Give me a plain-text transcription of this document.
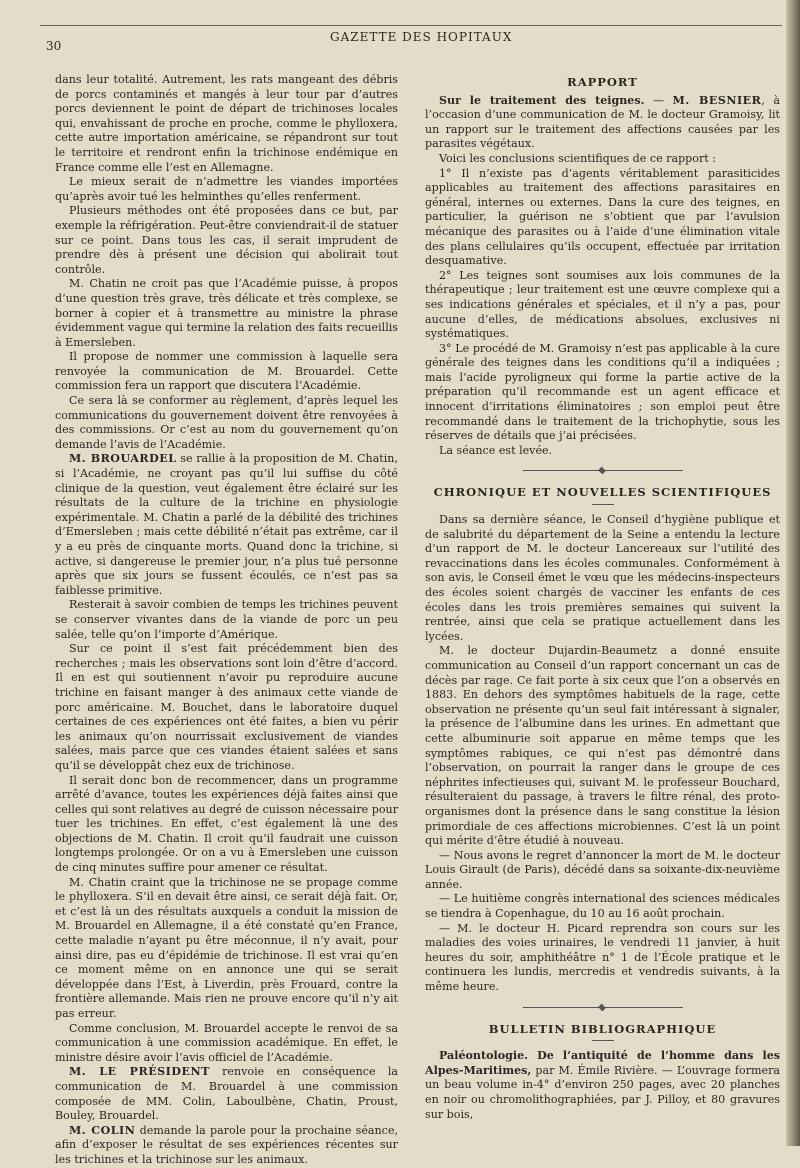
30
GAZETTE DES HOPITAUX

dans leur totalité. Autrement, les rats mangeant des débris de porcs contaminés et mangés à leur tour par d’autres porcs deviennent le point de départ de trichinoses locales qui, envahissant de proche en proche, comme le phylloxera, cette autre importation américaine, se répandront sur tout le territoire et rendront enfin la trichinose endémique en France comme elle l’est en Allemagne.

Le mieux serait de n’admettre les viandes importées qu’après avoir tué les helminthes qu’elles renferment.

Plusieurs méthodes ont été proposées dans ce but, par exemple la réfrigération. Peut-être conviendrait-il de statuer sur ce point. Dans tous les cas, il serait imprudent de prendre dès à présent une décision qui abolirait tout contrôle.

M. Chatin ne croit pas que l’Académie puisse, à propos d’une question très grave, très délicate et très complexe, se borner à copier et à transmettre au ministre la phrase évidemment vague qui termine la relation des faits recueillis à Emersleben.

Il propose de nommer une commission à laquelle sera renvoyée la communication de M. Brouardel. Cette commission fera un rapport que discutera l’Académie.

Ce sera là se conformer au règlement, d’après lequel les communications du gouvernement doivent être renvoyées à des commissions. Or c’est au nom du gouvernement qu’on demande l’avis de l’Académie.

M. BROUARDEL se rallie à la proposition de M. Chatin, si l’Académie, ne croyant pas qu’il lui suffise du côté clinique de la question, veut également être éclairé sur les résultats de la culture de la trichine en physiologie expérimentale. M. Chatin a parlé de la débilité des trichines d’Emersleben ; mais cette débilité n’était pas extrême, car il y a eu près de cinquante morts. Quand donc la trichine, si active, si dangereuse le premier jour, n’a plus tué personne après que six jours se fussent écoulés, ce n’est pas sa faiblesse primitive.

Resterait à savoir combien de temps les trichines peuvent se conserver vivantes dans de la viande de porc un peu salée, telle qu’on l’importe d’Amérique.

Sur ce point il s’est fait précédemment bien des recherches ; mais les observations sont loin d’être d’accord. Il en est qui soutiennent n’avoir pu reproduire aucune trichine en faisant manger à des animaux cette viande de porc américaine. M. Bouchet, dans le laboratoire duquel certaines de ces expériences ont été faites, a bien vu périr les animaux qu’on nourrissait exclusivement de viandes salées, mais parce que ces viandes étaient salées et sans qu’il se développât chez eux de trichinose.

Il serait donc bon de recommencer, dans un programme arrêté d’avance, toutes les expériences déjà faites ainsi que celles qui sont relatives au degré de cuisson nécessaire pour tuer les trichines. En effet, c’est également là une des objections de M. Chatin. Il croit qu’il faudrait une cuisson longtemps prolongée. Or on a vu à Emersleben une cuisson de cinq minutes suffire pour amener ce résultat.

M. Chatin craint que la trichinose ne se propage comme le phylloxera. S’il en devait être ainsi, ce serait déjà fait. Or, et c’est là un des résultats auxquels a conduit la mission de M. Brouardel en Allemagne, il a été constaté qu’en France, cette maladie n’ayant pu être méconnue, il n’y avait, pour ainsi dire, pas eu d’épidémie de trichinose. Il est vrai qu’en ce moment même on en annonce une qui se serait développée dans l’Est, à Liverdin, près Frouard, contre la frontière allemande. Mais rien ne prouve encore qu’il n’y ait pas erreur.

Comme conclusion, M. Brouardel accepte le renvoi de sa communication à une commission académique. En effet, le ministre désire avoir l’avis officiel de l’Académie.

M. LE PRÉSIDENT renvoie en conséquence la communication de M. Brouardel à une commission composée de MM. Colin, Laboulbène, Chatin, Proust, Bouley, Brouardel.

M. COLIN demande la parole pour la prochaine séance, afin d’exposer le résultat de ses expériences récentes sur les trichines et la trichinose sur les animaux.

RAPPORT

Sur le traitement des teignes. — M. BESNIER, à l’occasion d’une communication de M. le docteur Gramoisy, lit un rapport sur le traitement des affections causées par les parasites végétaux.

Voici les conclusions scientifiques de ce rapport :

1° Il n’existe pas d’agents véritablement parasiticides applicables au traitement des affections parasitaires en général, internes ou externes. Dans la cure des teignes, en particulier, la guérison ne s’obtient que par l’avulsion mécanique des parasites ou à l’aide d’une élimination vitale des plans cellulaires qu’ils occupent, effectuée par irritation desquamative.

2° Les teignes sont soumises aux lois communes de la thérapeutique ; leur traitement est une œuvre complexe qui a ses indications générales et spéciales, et il n’y a pas, pour aucune d’elles, de médications absolues, exclusives ni systématiques.

3° Le procédé de M. Gramoisy n’est pas applicable à la cure générale des teignes dans les conditions qu’il a indiquées ; mais l’acide pyroligneux qui forme la partie active de la préparation qu’il recommande est un agent efficace et innocent d’irritations éliminatoires ; son emploi peut être recommandé dans le traitement de la trichophytie, sous les réserves de détails que j’ai précisées.

La séance est levée.

CHRONIQUE ET NOUVELLES SCIENTIFIQUES

Dans sa dernière séance, le Conseil d’hygiène publique et de salubrité du département de la Seine a entendu la lecture d’un rapport de M. le docteur Lancereaux sur l’utilité des revaccinations dans les écoles communales. Conformément à son avis, le Conseil émet le vœu que les médecins-inspecteurs des écoles soient chargés de vacciner les enfants de ces écoles dans les trois premières semaines qui suivent la rentrée, ainsi que cela se pratique actuellement dans les lycées.

M. le docteur Dujardin-Beaumetz a donné ensuite communication au Conseil d’un rapport concernant un cas de décès par rage. Ce fait porte à six ceux que l’on a observés en 1883. En dehors des symptômes habituels de la rage, cette observation ne présente qu’un seul fait intéressant à signaler, la présence de l’albumine dans les urines. En admettant que cette albuminurie soit apparue en même temps que les symptômes rabiques, ce qui n’est pas démontré dans l’observation, on pourrait la ranger dans le groupe de ces néphrites infectieuses qui, suivant M. le professeur Bouchard, résulteraient du passage, à travers le filtre rénal, des proto-organismes dont la présence dans le sang constitue la lésion primordiale de ces affections microbiennes. C’est là un point qui mérite d’être étudié à nouveau.

— Nous avons le regret d’annoncer la mort de M. le docteur Louis Girault (de Paris), décédé dans sa soixante-dix-neuvième année.

— Le huitième congrès international des sciences médicales se tiendra à Copenhague, du 10 au 16 août prochain.

— M. le docteur H. Picard reprendra son cours sur les maladies des voies urinaires, le vendredi 11 janvier, à huit heures du soir, amphithéâtre n° 1 de l’École pratique et le continuera les lundis, mercredis et vendredis suivants, à la même heure.

BULLETIN BIBLIOGRAPHIQUE

Paléontologie. De l’antiquité de l’homme dans les Alpes-Maritimes, par M. Émile Rivière. — L’ouvrage formera un beau volume in-4° d’environ 250 pages, avec 20 planches en noir ou chromolithographiées, par J. Pilloy, et 80 gravures sur bois,
